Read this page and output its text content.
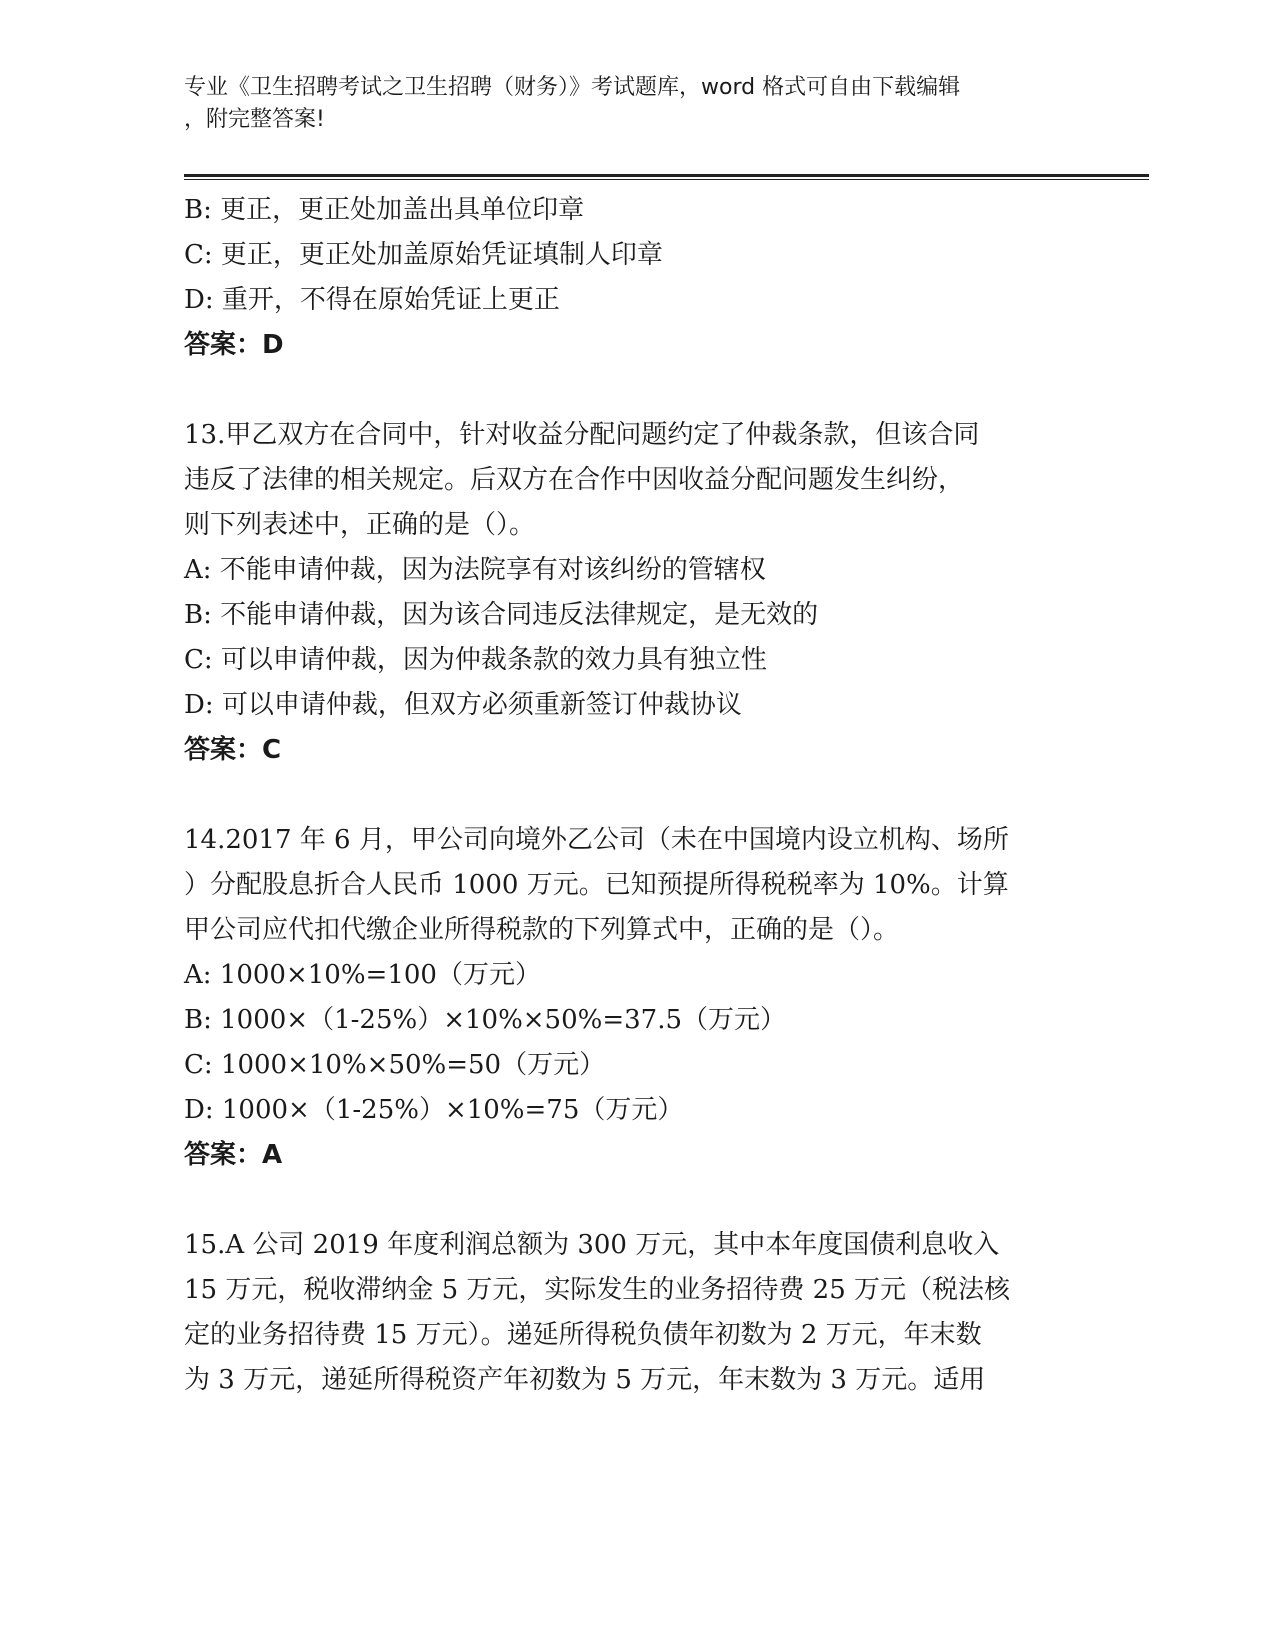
专业《卫生招聘考试之卫生招聘（财务）》考试题库，word 格式可自由下载编辑
，附完整答案!
B: 更正，更正处加盖出具单位印章
C: 更正，更正处加盖原始凭证填制人印章
D: 重开，不得在原始凭证上更正
答案：D
13.甲乙双方在合同中，针对收益分配问题约定了仲裁条款，但该合同
违反了法律的相关规定。后双方在合作中因收益分配问题发生纠纷，
则下列表述中，正确的是（）。
A: 不能申请仲裁，因为法院享有对该纠纷的管辖权
B: 不能申请仲裁，因为该合同违反法律规定，是无效的
C: 可以申请仲裁，因为仲裁条款的效力具有独立性
D: 可以申请仲裁，但双方必须重新签订仲裁协议
答案：C
14.2017 年 6 月，甲公司向境外乙公司（未在中国境内设立机构、场所
）分配股息折合人民币 1000 万元。已知预提所得税税率为 10%。计算
甲公司应代扣代缴企业所得税款的下列算式中，正确的是（）。
A: 1000×10%=100（万元）
B: 1000×（1-25%）×10%×50%=37.5（万元）
C: 1000×10%×50%=50（万元）
D: 1000×（1-25%）×10%=75（万元）
答案：A
15.A 公司 2019 年度利润总额为 300 万元，其中本年度国债利息收入
15 万元，税收滞纳金 5 万元，实际发生的业务招待费 25 万元（税法核
定的业务招待费 15 万元）。递延所得税负债年初数为 2 万元，年末数
为 3 万元，递延所得税资产年初数为 5 万元，年末数为 3 万元。适用
